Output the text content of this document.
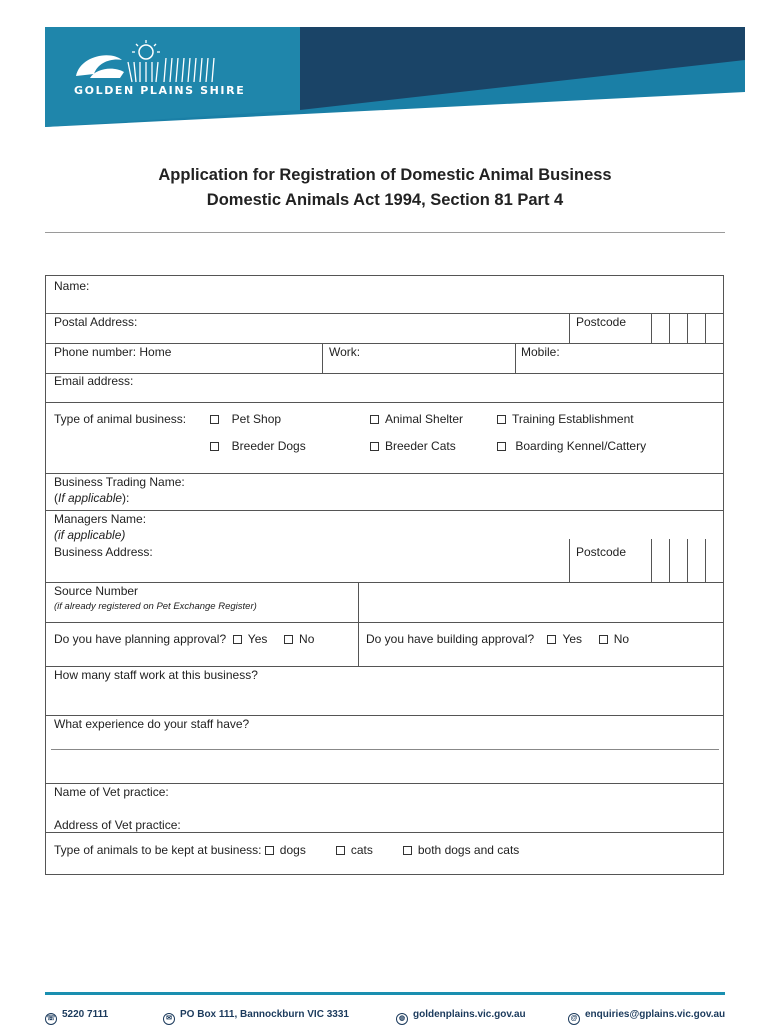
GOLDEN PLAINS SHIRE
Application for Registration of Domestic Animal Business
Domestic Animals Act 1994, Section 81 Part 4
Name:
Postal Address:	Postcode
Phone number: Home	Work:	Mobile:
Email address:
Type of animal business:	Pet Shop	Animal Shelter	Training Establishment
Breeder Dogs	Breeder Cats	Boarding Kennel/Cattery
Business Trading Name:
(If applicable):
Managers Name:
(if applicable)
Business Address:	Postcode
Source Number
(if already registered on Pet Exchange Register)
Do you have planning approval? Yes	No	Do you have building approval? Yes	No
How many staff work at this business?
What experience do your staff have?
Name of Vet practice:
Address of Vet practice:
Type of animals to be kept at business: dogs	cats	both dogs and cats
☏ 5220 7111	✉ PO Box 111, Bannockburn VIC 3331	◍ goldenplains.vic.gov.au	@ enquiries@gplains.vic.gov.au
